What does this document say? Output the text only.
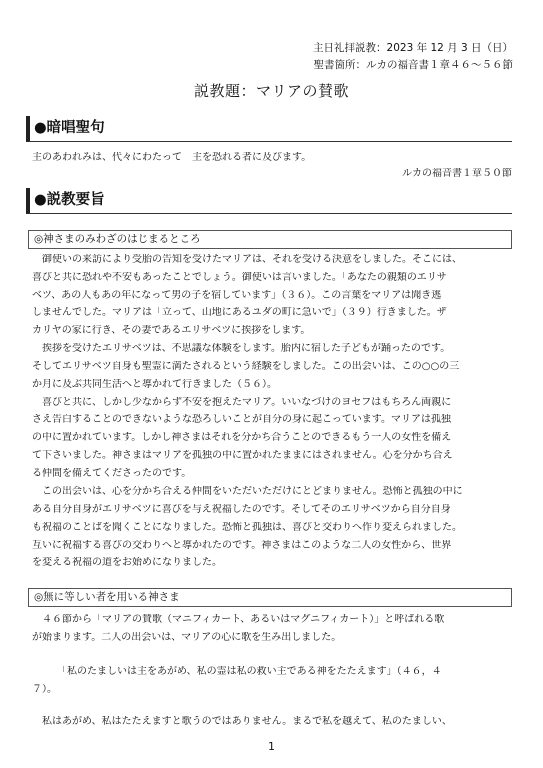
主日礼拝説教：2023 年 12 月 3 日（日）
聖書箇所：ルカの福音書１章４６～５６節
説教題：マリアの賛歌
●暗唱聖句
主のあわれみは、代々にわたって　主を恐れる者に及びます。
ルカの福音書１章５０節
●説教要旨
◎神さまのみわざのはじまるところ
　御使いの来訪により受胎の告知を受けたマリアは、それを受ける決意をしました。そこには、
喜びと共に恐れや不安もあったことでしょう。御使いは言いました。「あなたの親類のエリサ
ベツ、あの人もあの年になって男の子を宿しています」（３６）。この言葉をマリアは聞き逃
しませんでした。マリアは「立って、山地にあるユダの町に急いで」（３９）行きました。ザ
カリヤの家に行き、その妻であるエリサベツに挨拶をします。
　挨拶を受けたエリサベツは、不思議な体験をします。胎内に宿した子どもが踊ったのです。
そしてエリサベツ自身も聖霊に満たされるという経験をしました。この出会いは、この○○の三
か月に及ぶ共同生活へと導かれて行きました（５６）。
　喜びと共に、しかし少なからず不安を抱えたマリア。いいなづけのヨセフはもちろん両親に
さえ告白することのできないような恐ろしいことが自分の身に起こっています。マリアは孤独
の中に置かれています。しかし神さまはそれを分かち合うことのできるもう一人の女性を備え
て下さいました。神さまはマリアを孤独の中に置かれたままにはされません。心を分かち合え
る仲間を備えてくださったのです。
　この出会いは、心を分かち合える仲間をいただいただけにとどまりません。恐怖と孤独の中に
ある自分自身がエリサベツに喜びを与え祝福したのです。そしてそのエリサベツから自分自身
も祝福のことばを聞くことになりました。恐怖と孤独は、喜びと交わりへ作り変えられました。
互いに祝福する喜びの交わりへと導かれたのです。神さまはこのような二人の女性から、世界
を変える祝福の道をお始めになりました。
◎無に等しい者を用いる神さま
　４６節から「マリアの賛歌（マニフィカート、あるいはマグニフィカート）」と呼ばれる歌
が始まります。二人の出会いは、マリアの心に歌を生み出しました。
　　　「私のたましいは主をあがめ、私の霊は私の救い主である神をたたえます」（４６，４
７）。
　私はあがめ、私はたたえますと歌うのではありません。まるで私を越えて、私のたましい、
1
